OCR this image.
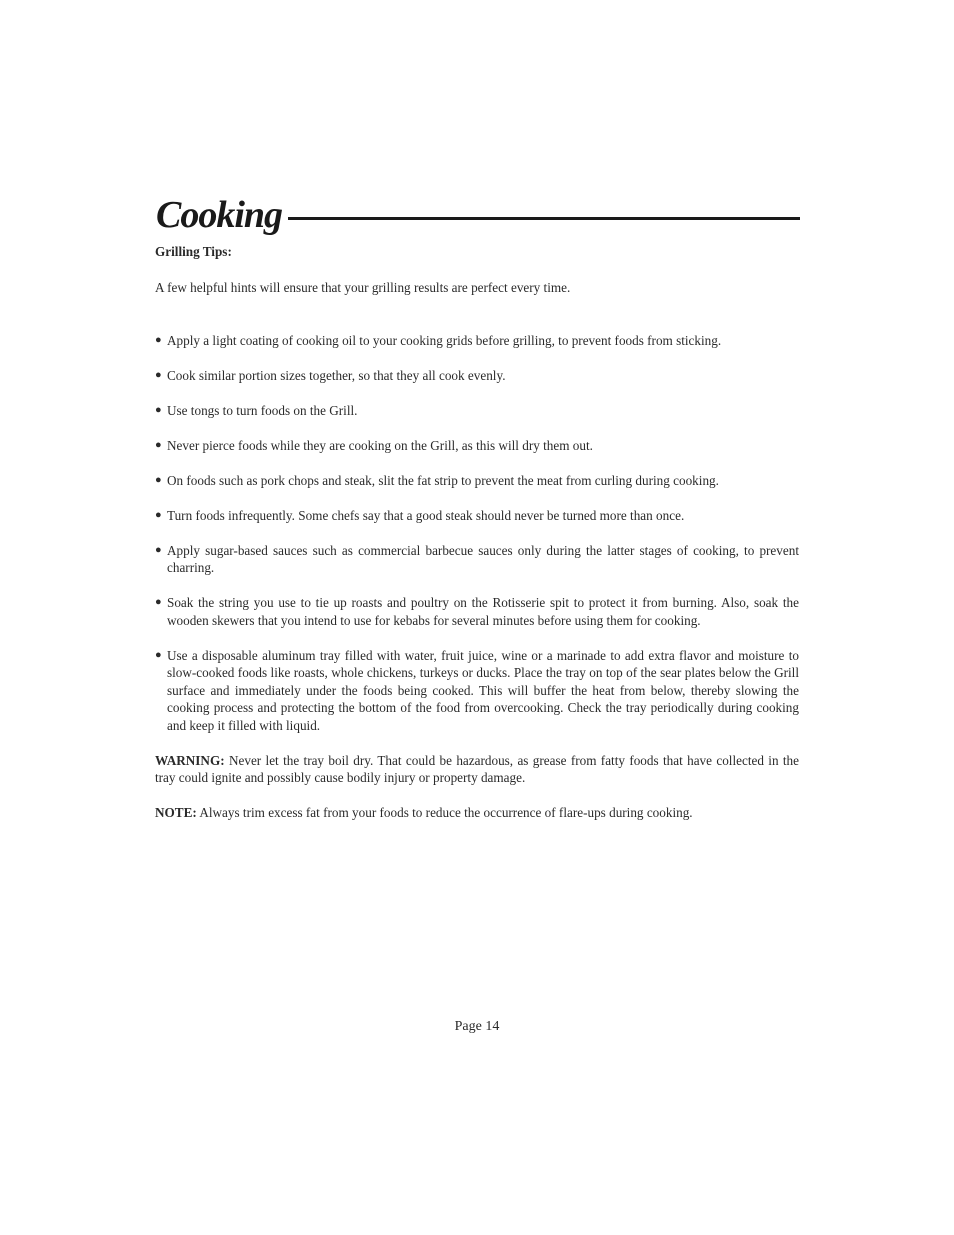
Cooking

Grilling Tips:

A few helpful hints will ensure that your grilling results are perfect every time.

● Apply a light coating of cooking oil to your cooking grids before grilling, to prevent foods from sticking.
● Cook similar portion sizes together, so that they all cook evenly.
● Use tongs to turn foods on the Grill.
● Never pierce foods while they are cooking on the Grill, as this will dry them out.
● On foods such as pork chops and steak, slit the fat strip to prevent the meat from curling during cooking.
● Turn foods infrequently. Some chefs say that a good steak should never be turned more than once.
● Apply sugar-based sauces such as commercial barbecue sauces only during the latter stages of cooking, to prevent charring.
● Soak the string you use to tie up roasts and poultry on the Rotisserie spit to protect it from burning. Also, soak the wooden skewers that you intend to use for kebabs for several minutes before using them for cooking.
● Use a disposable aluminum tray filled with water, fruit juice, wine or a marinade to add extra flavor and moisture to slow-cooked foods like roasts, whole chickens, turkeys or ducks. Place the tray on top of the sear plates below the Grill surface and immediately under the foods being cooked. This will buffer the heat from below, thereby slowing the cooking process and protecting the bottom of the food from overcooking. Check the tray periodically during cooking and keep it filled with liquid.

WARNING: Never let the tray boil dry. That could be hazardous, as grease from fatty foods that have collected in the tray could ignite and possibly cause bodily injury or property damage.

NOTE: Always trim excess fat from your foods to reduce the occurrence of flare-ups during cooking.

Page 14
